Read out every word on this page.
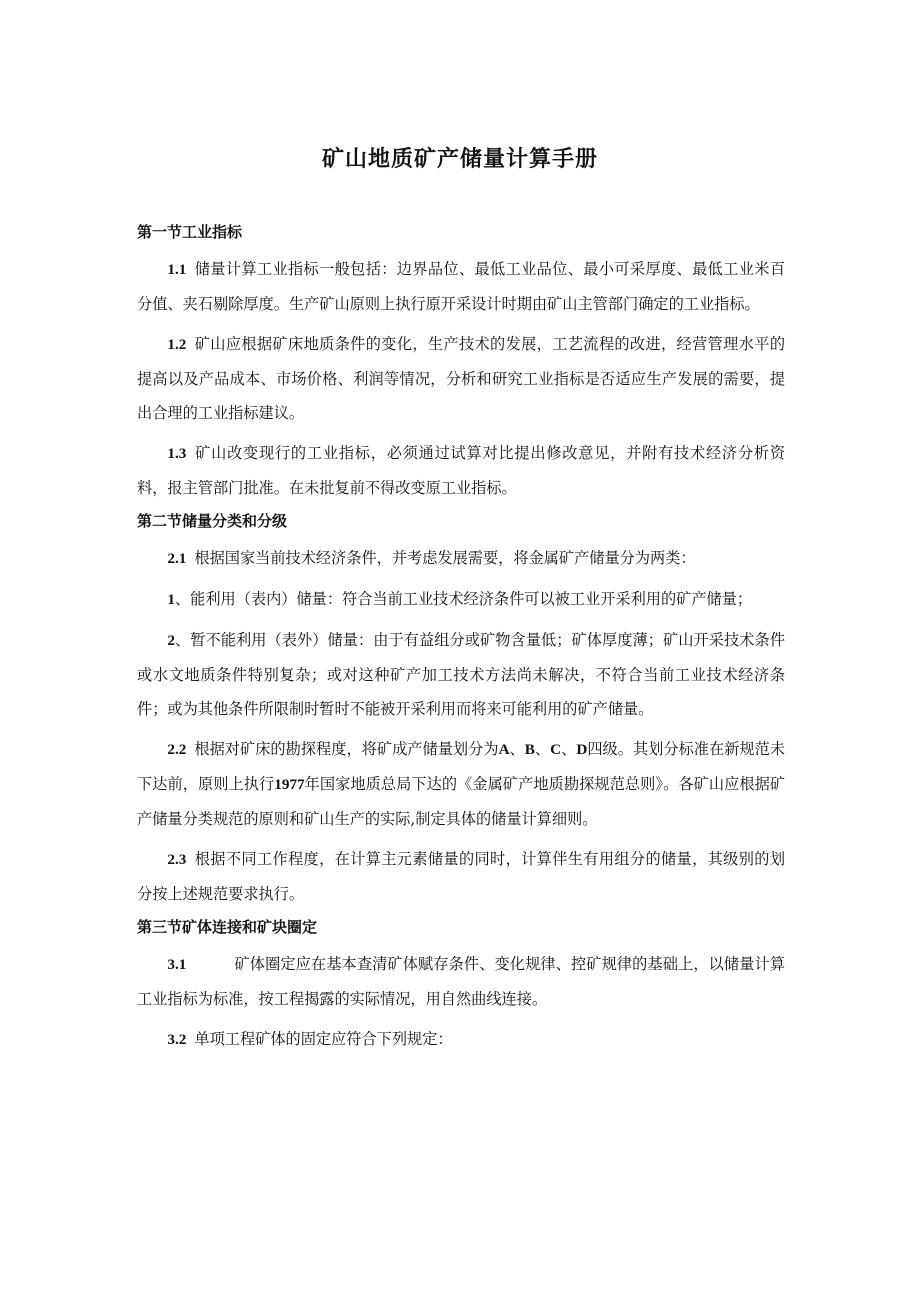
矿山地质矿产储量计算手册
第一节工业指标

1.1 储量计算工业指标一般包括：边界品位、最低工业品位、最小可采厚度、最低工业米百分值、夹石剔除厚度。生产矿山原则上执行原开采设计时期由矿山主管部门确定的工业指标。

1.2 矿山应根据矿床地质条件的变化，生产技术的发展，工艺流程的改进，经营管理水平的提高以及产品成本、市场价格、利润等情况，分析和研究工业指标是否适应生产发展的需要，提出合理的工业指标建议。

1.3 矿山改变现行的工业指标，必须通过试算对比提出修改意见，并附有技术经济分析资料，报主管部门批准。在未批复前不得改变原工业指标。

第二节储量分类和分级

2.1 根据国家当前技术经济条件，并考虑发展需要，将金属矿产储量分为两类：

1、能利用（表内）储量：符合当前工业技术经济条件可以被工业开采利用的矿产储量；

2、暂不能利用（表外）储量：由于有益组分或矿物含量低；矿体厚度薄；矿山开采技术条件或水文地质条件特别复杂；或对这种矿产加工技术方法尚未解决，不符合当前工业技术经济条件；或为其他条件所限制时暂时不能被开采利用而将来可能利用的矿产储量。

2.2 根据对矿床的勘探程度，将矿成产储量划分为A、B、C、D四级。其划分标准在新规范未下达前，原则上执行1977年国家地质总局下达的《金属矿产地质勘探规范总则》。各矿山应根据矿产储量分类规范的原则和矿山生产的实际,制定具体的储量计算细则。

2.3 根据不同工作程度，在计算主元素储量的同时，计算伴生有用组分的储量，其级别的划分按上述规范要求执行。

第三节矿体连接和矿块圈定

3.1	矿体圈定应在基本查清矿体赋存条件、变化规律、控矿规律的基础上，以储量计算工业指标为标准，按工程揭露的实际情况，用自然曲线连接。

3.2 单项工程矿体的固定应符合下列规定：
